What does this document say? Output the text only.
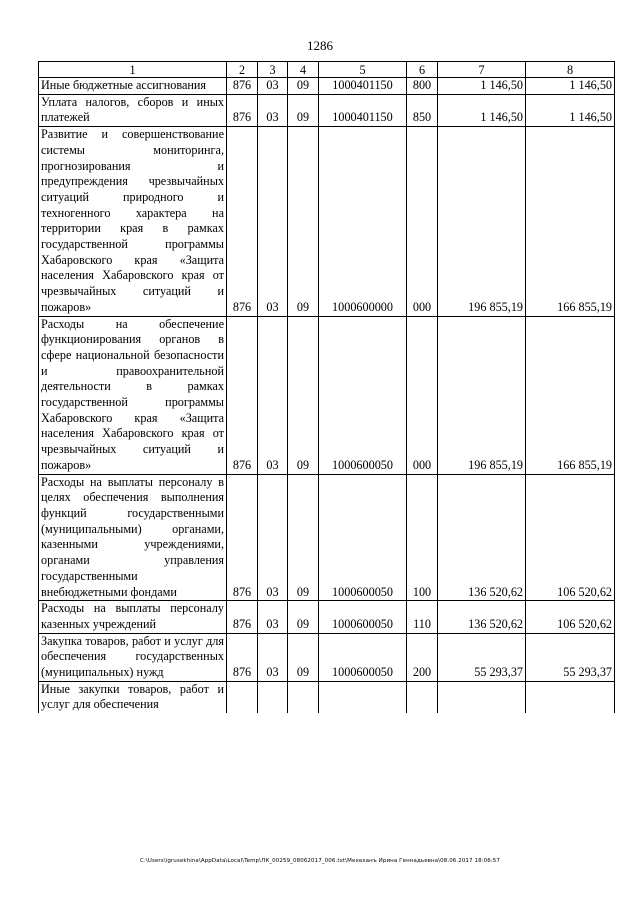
1286
1	2	3	4	5	6	7	8
Иные бюджетные ассигнования	876	03	09	1000401150	800	1 146,50	1 146,50
Уплата налогов, сборов и иных платежей	876	03	09	1000401150	850	1 146,50	1 146,50
Развитие и совершенствование системы мониторинга, прогнозирования и предупреждения чрезвычайных ситуаций природного и техногенного характера на территории края в рамках государственной программы Хабаровского края «Защита населения Хабаровского края от чрезвычайных ситуаций и пожаров»	876	03	09	1000600000	000	196 855,19	166 855,19
Расходы на обеспечение функционирования органов в сфере национальной безопасности и правоохранительной деятельности в рамках государственной программы Хабаровского края «Защита населения Хабаровского края от чрезвычайных ситуаций и пожаров»	876	03	09	1000600050	000	196 855,19	166 855,19
Расходы на выплаты персоналу в целях обеспечения выполнения функций государственными (муниципальными) органами, казенными учреждениями, органами управления государственными внебюджетными фондами	876	03	09	1000600050	100	136 520,62	106 520,62
Расходы на выплаты персоналу казенных учреждений	876	03	09	1000600050	110	136 520,62	106 520,62
Закупка товаров, работ и услуг для обеспечения государственных (муниципальных) нужд	876	03	09	1000600050	200	55 293,37	55 293,37
Иные закупки товаров, работ и услуг для обеспечения							
C:\Users\igrusekhina\AppData\Local\Temp\ЛК_00259_08062017_006.txt\Мехеханъ Ирина Геннадьевна\08.06.2017 18:06:57
